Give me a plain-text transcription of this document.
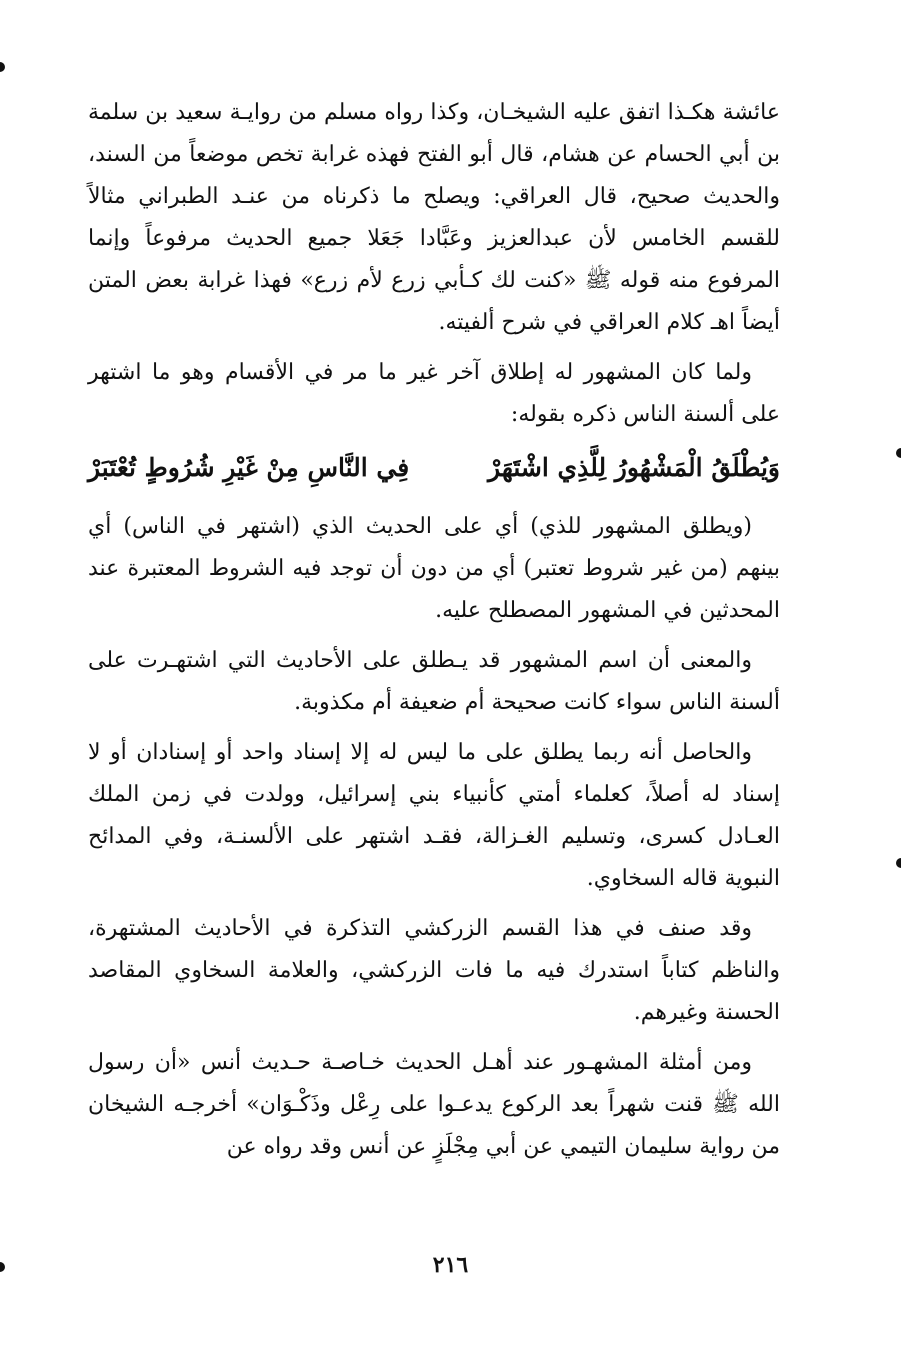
عائشة هكـذا اتفق عليه الشيخـان، وكذا رواه مسلم من روايـة سعيد بن سلمة بن أبي الحسام عن هشام، قال أبو الفتح فهذه غرابة تخص موضعاً من السند، والحديث صحيح، قال العراقي: ويصلح ما ذكرناه من عنـد الطبراني مثالاً للقسم الخامس لأن عبدالعزيز وعَبَّادا جَعَلا جميع الحديث مرفوعاً وإنما المرفوع منه قوله ﷺ «كنت لك كـأبي زرع لأم زرع» فهذا غرابة بعض المتن أيضاً اهـ كلام العراقي في شرح ألفيته.

ولما كان المشهور له إطلاق آخر غير ما مر في الأقسام وهو ما اشتهر على ألسنة الناس ذكره بقوله:

وَيُطْلَقُ الْمَشْهُورُ لِلَّذِي اشْتَهَرْ
فِي النَّاسِ مِنْ غَيْرِ شُرُوطٍ تُعْتَبَرْ

(ويطلق المشهور للذي) أي على الحديث الذي (اشتهر في الناس) أي بينهم (من غير شروط تعتبر) أي من دون أن توجد فيه الشروط المعتبرة عند المحدثين في المشهور المصطلح عليه.

والمعنى أن اسم المشهور قد يـطلق على الأحاديث التي اشتهـرت على ألسنة الناس سواء كانت صحيحة أم ضعيفة أم مكذوبة.

والحاصل أنه ربما يطلق على ما ليس له إلا إسناد واحد أو إسنادان أو لا إسناد له أصلاً، كعلماء أمتي كأنبياء بني إسرائيل، وولدت في زمن الملك العـادل كسرى، وتسليم الغـزالة، فقـد اشتهر على الألسنـة، وفي المدائح النبوية قاله السخاوي.

وقد صنف في هذا القسم الزركشي التذكرة في الأحاديث المشتهرة، والناظم كتاباً استدرك فيه ما فات الزركشي، والعلامة السخاوي المقاصد الحسنة وغيرهم.

ومن أمثلة المشهـور عند أهـل الحديث خـاصـة حـديث أنس «أن رسول الله ﷺ قنت شهراً بعد الركوع يدعـوا على رِعْل وذَكْـوَان» أخرجـه الشيخان من رواية سليمان التيمي عن أبي مِجْلَزٍ عن أنس وقد رواه عن

٢١٦
